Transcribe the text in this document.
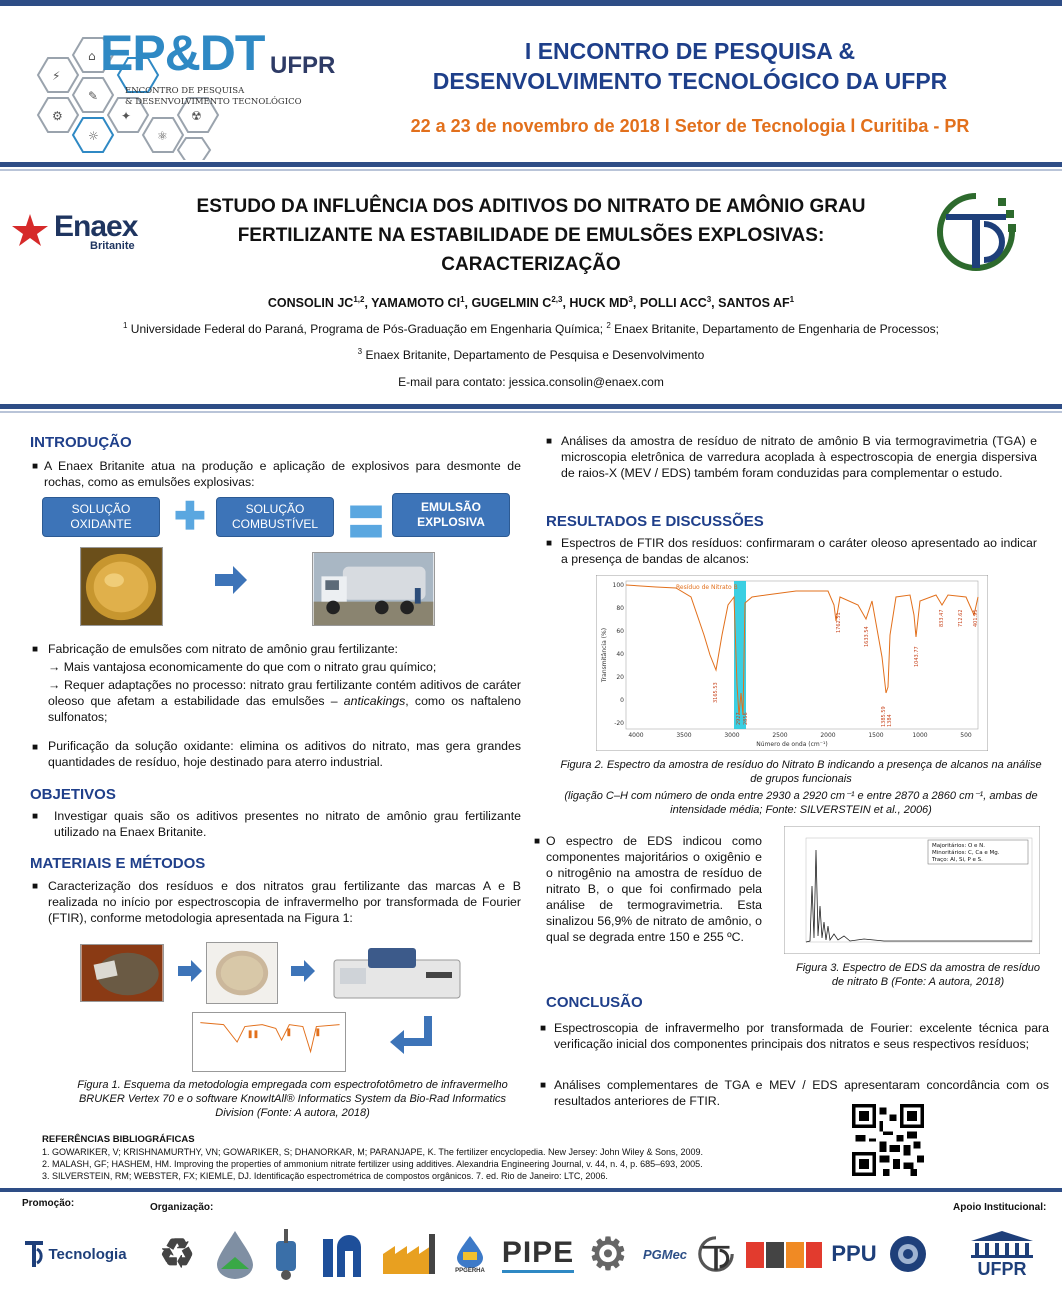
⚡
⚙
⌂
✎
✦
⚛
☢
☼
EP&DT UFPR
ENCONTRO DE PESQUISA
& DESENVOLVIMENTO TECNOLÓGICO
I ENCONTRO DE PESQUISA &
DESENVOLVIMENTO TECNOLÓGICO DA UFPR
22 a 23 de novembro de 2018 l Setor de Tecnologia l Curitiba - PR
Enaex
Britanite
ESTUDO DA INFLUÊNCIA DOS ADITIVOS DO NITRATO DE AMÔNIO GRAU
FERTILIZANTE NA ESTABILIDADE DE EMULSÕES EXPLOSIVAS:
CARACTERIZAÇÃO
CONSOLIN JC$^{1,2}$, YAMAMOTO $CI^1$, GUGELMIN C$^{2,3}$, HUCK $MD^3$, POLLI ACC$^3$, SANTOS $AF^1$
$^1$ Universidade Federal do Paraná, Programa de Pós-Graduação em Engenharia Química; $^2$ Enaex Britanite, Departamento de Engenharia de Processos;
$^3$ Enaex Britanite, Departamento de Pesquisa e Desenvolvimento
E-mail para contato: jessica.consolin@enaex.com
INTRODUÇÃO
■ A Enaex Britanite atua na produção e aplicação de explosivos para desmonte de rochas, como as emulsões explosivas:
SOLUÇÃO OXIDANTE	✚	SOLUÇÃO COMBUSTÍVEL 〓	EMULSÃO EXPLOSIVA
■ Fabricação de emulsões com nitrato de amônio grau fertilizante:
→ Mais vantajosa economicamente do que com o nitrato grau químico;
→ Requer adaptações no processo: nitrato grau fertilizante contém aditivos de caráter oleoso que afetam a estabilidade das emulsões – anticakings, como os naftaleno sulfonatos;
■ Purificação da solução oxidante: elimina os aditivos do nitrato, mas gera grandes quantidades de resíduo, hoje destinado para aterro industrial.
OBJETIVOS
■ Investigar quais são os aditivos presentes no nitrato de amônio grau fertilizante utilizado na Enaex Britanite.
MATERIAIS E MÉTODOS
■ Caracterização dos resíduos e dos nitratos grau fertilizante das marcas A e B realizada no início por espectroscopia de infravermelho por transformada de Fourier (FTIR), conforme metodologia apresentada na Figura 1:
Figura 1. Esquema da metodologia empregada com espectrofotômetro de infravermelho BRUKER Vertex 70 e o software KnowItAll® Informatics System da Bio-Rad Informatics Division (Fonte: A autora, 2018)
REFERÊNCIAS BIBLIOGRÁFICAS
1. GOWARIKER, V; KRISHNAMURTHY, VN; GOWARIKER, S; DHANORKAR, M; PARANJAPE, K. The fertilizer encyclopedia. New Jersey: John Wiley & Sons, 2009.
2. MALASH, GF; HASHEM, HM. Improving the properties of ammonium nitrate fertilizer using additives. Alexandria Engineering Journal, v. 44, n. 4, p. 685–693, 2005.
3. SILVERSTEIN, RM; WEBSTER, FX; KIEMLE, DJ. Identificação espectrométrica de compostos orgânicos. 7. ed. Rio de Janeiro: LTC, 2006.
■ Análises da amostra de resíduo de nitrato de amônio B via termogravimetria (TGA) e microscopia eletrônica de varredura acoplada à espectroscopia de energia dispersiva de raios-X (MEV / EDS) também foram conduzidas para complementar o estudo.
RESULTADOS E DISCUSSÕES
■ Espectros de FTIR dos resíduos: confirmaram o caráter oleoso apresentado ao indicar a presença de bandas de alcanos:
Resíduo de Nitrato B
100
80
60
40
20
0
-20
4000	3500	3000	2500	2000	1500	1000	500
Número de onda (cm⁻¹)
Transmitância (%)
3165.53
2927 2856
1762.51
1633.54
1385.59 1384
1043.77
833.47	712.62 401.95
Figura 2. Espectro da amostra de resíduo do Nitrato B indicando a presença de alcanos na análise de grupos funcionais
(ligação C–H com número de onda entre 2930 a 2920 cm⁻¹ e entre 2870 a 2860 cm⁻¹, ambas de intensidade média; Fonte: SILVERSTEIN et al., 2006)
■ O espectro de EDS indicou como componentes majoritários o oxigênio e o nitrogênio na amostra de resíduo de nitrato B, o que foi confirmado pela análise de termogravimetria. Esta sinalizou 56,9% de nitrato de amônio, o qual se degrada entre 150 e 255 ºC.
Majoritários: O e N.
Minoritários: C, Ca e Mg.
Traço: Al, Si, P e S.
Figura 3. Espectro de EDS da amostra de resíduo de nitrato B (Fonte: A autora, 2018)
CONCLUSÃO
■ Espectroscopia de infravermelho por transformada de Fourier: excelente técnica para verificação inicial dos componentes principais dos nitratos e seus respectivos resíduos;
■ Análises complementares de TGA e MEV / EDS apresentaram concordância com os resultados anteriores de FTIR.
Promoção:	Organização:	Apoio Institucional:
Tecnologia ♻	PPGERHA
PIPE ⚙ PGMec	PPU
UFPR
